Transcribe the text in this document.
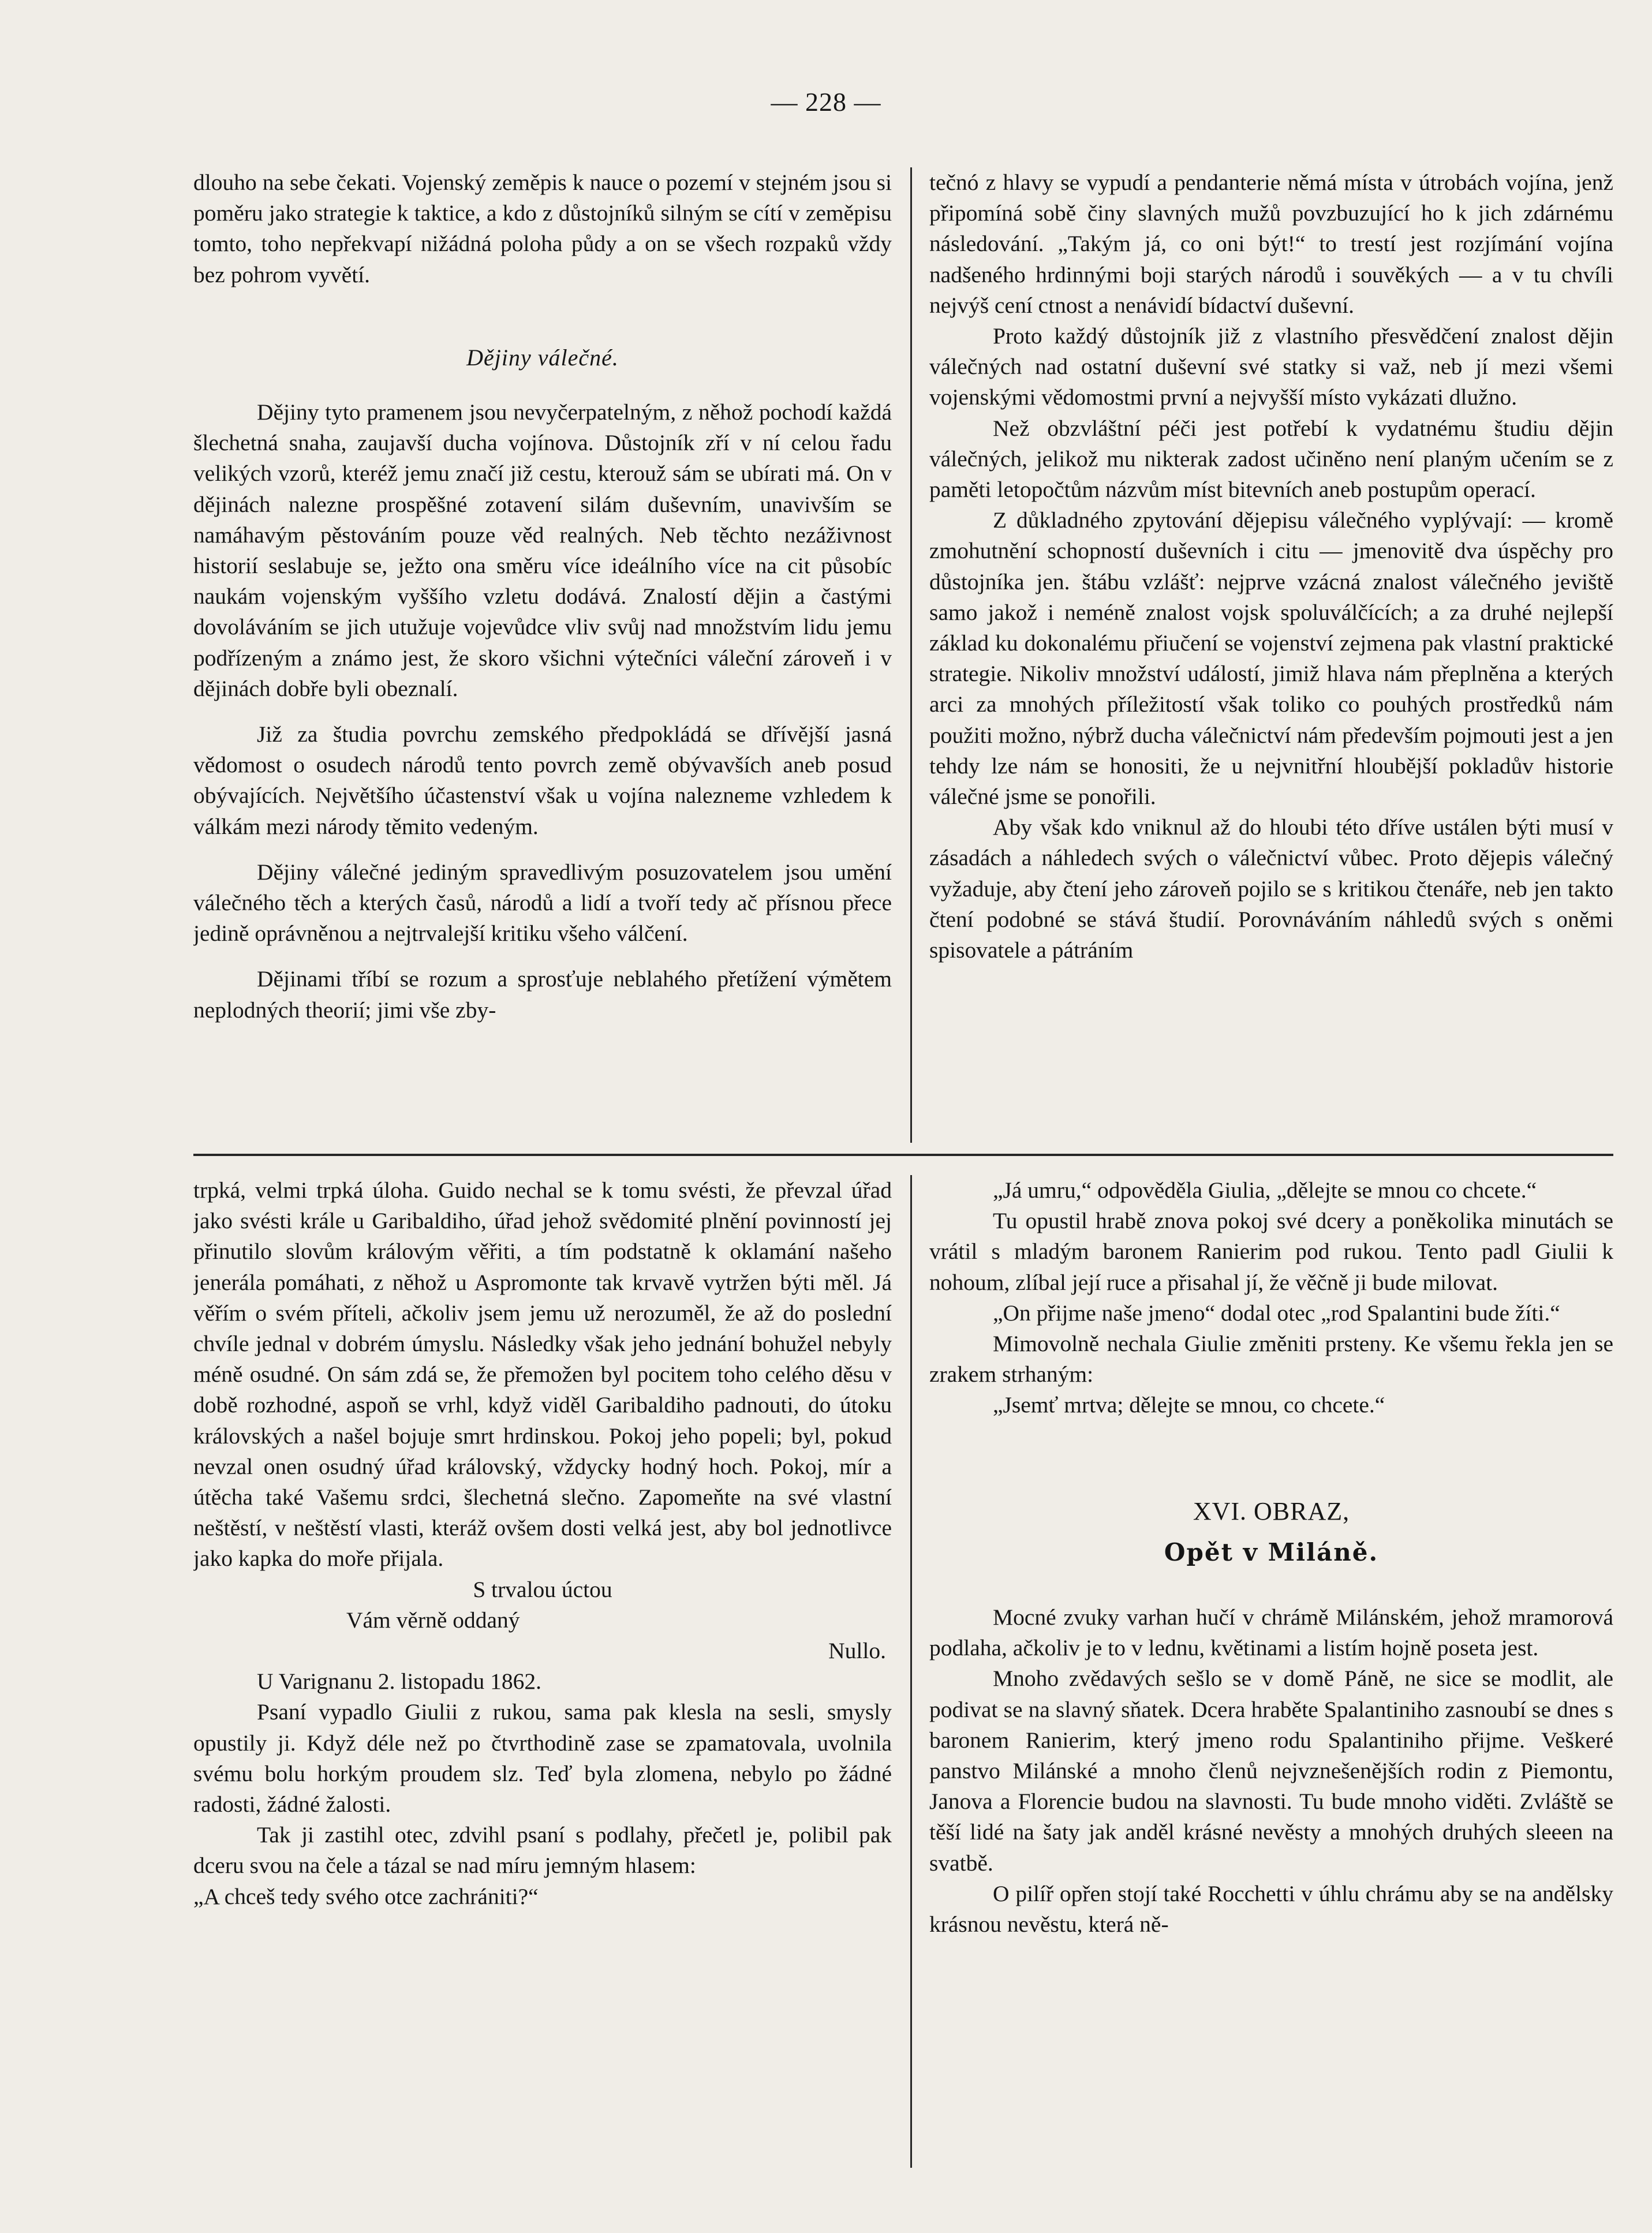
— 228 —

dlouho na sebe čekati. Vojenský zeměpis k nauce o pozemí v stejném jsou si poměru jako strategie k taktice, a kdo z důstojníků silným se cítí v zeměpisu tomto, toho nepřekvapí nižádná poloha půdy a on se všech rozpaků vždy bez pohrom vyvětí.

Dějiny válečné.

Dějiny tyto pramenem jsou nevyčerpatelným, z něhož pochodí každá šlechetná snaha, zaujavší ducha vojínova. Důstojník zří v ní celou řadu velikých vzorů, kteréž jemu značí již cestu, kterouž sám se ubírati má. On v dějinách nalezne prospěšné zotavení silám duševním, unavivším se namáhavým pěstováním pouze věd realných. Neb těchto nezáživnost historií seslabuje se, ježto ona směru více ideálního více na cit působíc naukám vojenským vyššího vzletu dodává. Znalostí dějin a častými dovoláváním se jich utužuje vojevůdce vliv svůj nad množstvím lidu jemu podřízeným a známo jest, že skoro všichni výtečníci váleční zároveň i v dějinách dobře byli obeznalí.

Již za študia povrchu zemského předpokládá se dřívější jasná vědomost o osudech národů tento povrch země obývavších aneb posud obývajících. Největšího účastenství však u vojína nalezneme vzhledem k válkám mezi národy těmito vedeným.

Dějiny válečné jediným spravedlivým posuzovatelem jsou umění válečného těch a kterých časů, národů a lidí a tvoří tedy ač přísnou přece jedině oprávněnou a nejtrvalejší kritiku všeho válčení.

Dějinami tříbí se rozum a sprosťuje neblahého přetížení výmětem neplodných theorií; jimi vše zby-

tečnó z hlavy se vypudí a pendanterie němá místa v útrobách vojína, jenž připomíná sobě činy slavných mužů povzbuzující ho k jich zdárnému následování. „Takým já, co oni být!“ to trestí jest rozjímání vojína nadšeného hrdinnými boji starých národů i souvěkých — a v tu chvíli nejvýš cení ctnost a nenávidí bídactví duševní.

Proto každý důstojník již z vlastního přesvědčení znalost dějin válečných nad ostatní duševní své statky si važ, neb jí mezi všemi vojenskými vědomostmi první a nejvyšší místo vykázati dlužno.

Než obzvláštní péči jest potřebí k vydatnému študiu dějin válečných, jelikož mu nikterak zadost učiněno není planým učením se z paměti letopočtům názvům míst bitevních aneb postupům operací.

Z důkladného zpytování dějepisu válečného vyplývají: — kromě zmohutnění schopností duševních i citu — jmenovitě dva úspěchy pro důstojníka jen. štábu vzlášť: nejprve vzácná znalost válečného jeviště samo jakož i neméně znalost vojsk spoluválčících; a za druhé nejlepší základ ku dokonalému přiučení se vojenství zejmena pak vlastní praktické strategie. Nikoliv množství událostí, jimiž hlava nám přeplněna a kterých arci za mnohých příležitostí však toliko co pouhých prostředků nám použiti možno, nýbrž ducha válečnictví nám především pojmouti jest a jen tehdy lze nám se honositi, že u nejvnitřní hloubější pokladův historie válečné jsme se ponořili.

Aby však kdo vniknul až do hloubi této dříve ustálen býti musí v zásadách a náhledech svých o válečnictví vůbec. Proto dějepis válečný vyžaduje, aby čtení jeho zároveň pojilo se s kritikou čtenáře, neb jen takto čtení podobné se stává študií. Porovnáváním náhledů svých s oněmi spisovatele a pátráním

trpká, velmi trpká úloha. Guido nechal se k tomu svésti, že převzal úřad jako svésti krále u Garibaldiho, úřad jehož svědomité plnění povinností jej přinutilo slovům královým věřiti, a tím podstatně k oklamání našeho jenerála pomáhati, z něhož u Aspromonte tak krvavě vytržen býti měl. Já věřím o svém příteli, ačkoliv jsem jemu už nerozuměl, že až do poslední chvíle jednal v dobrém úmyslu. Následky však jeho jednání bohužel nebyly méně osudné. On sám zdá se, že přemožen byl pocitem toho celého děsu v době rozhodné, aspoň se vrhl, když viděl Garibaldiho padnouti, do útoku královských a našel bojuje smrt hrdinskou. Pokoj jeho popeli; byl, pokud nevzal onen osudný úřad královský, vždycky hodný hoch. Pokoj, mír a útěcha také Vašemu srdci, šlechetná slečno. Zapomeňte na své vlastní neštěstí, v neštěstí vlasti, kteráž ovšem dosti velká jest, aby bol jednotlivce jako kapka do moře přijala.

S trvalou úctou

Vám věrně oddaný

Nullo.

U Varignanu 2. listopadu 1862.

Psaní vypadlo Giulii z rukou, sama pak klesla na sesli, smysly opustily ji. Když déle než po čtvrthodině zase se zpamatovala, uvolnila svému bolu horkým proudem slz. Teď byla zlomena, nebylo po žádné radosti, žádné žalosti.

Tak ji zastihl otec, zdvihl psaní s podlahy, přečetl je, polibil pak dceru svou na čele a tázal se nad míru jemným hlasem:

„A chceš tedy svého otce zachrániti?“

„Já umru,“ odpověděla Giulia, „dělejte se mnou co chcete.“

Tu opustil hrabě znova pokoj své dcery a poněkolika minutách se vrátil s mladým baronem Ranierim pod rukou. Tento padl Giulii k nohoum, zlíbal její ruce a přisahal jí, že věčně ji bude milovat.

„On přijme naše jmeno“ dodal otec „rod Spalantini bude žíti.“

Mimovolně nechala Giulie změniti prsteny. Ke všemu řekla jen se zrakem strhaným:

„Jsemť mrtva; dělejte se mnou, co chcete.“

XVI. OBRAZ,
Opět v Miláně.

Mocné zvuky varhan hučí v chrámě Milánském, jehož mramorová podlaha, ačkoliv je to v lednu, květinami a listím hojně poseta jest.

Mnoho zvědavých sešlo se v domě Páně, ne sice se modlit, ale podivat se na slavný sňatek. Dcera hraběte Spalantiniho zasnoubí se dnes s baronem Ranierim, který jmeno rodu Spalantiniho přijme. Veškeré panstvo Milánské a mnoho členů nejvznešenějších rodin z Piemontu, Janova a Florencie budou na slavnosti. Tu bude mnoho viděti. Zvláště se těší lidé na šaty jak anděl krásné nevěsty a mnohých druhých sleeen na svatbě.

O pilíř opřen stojí také Rocchetti v úhlu chrámu aby se na andělsky krásnou nevěstu, která ně-
